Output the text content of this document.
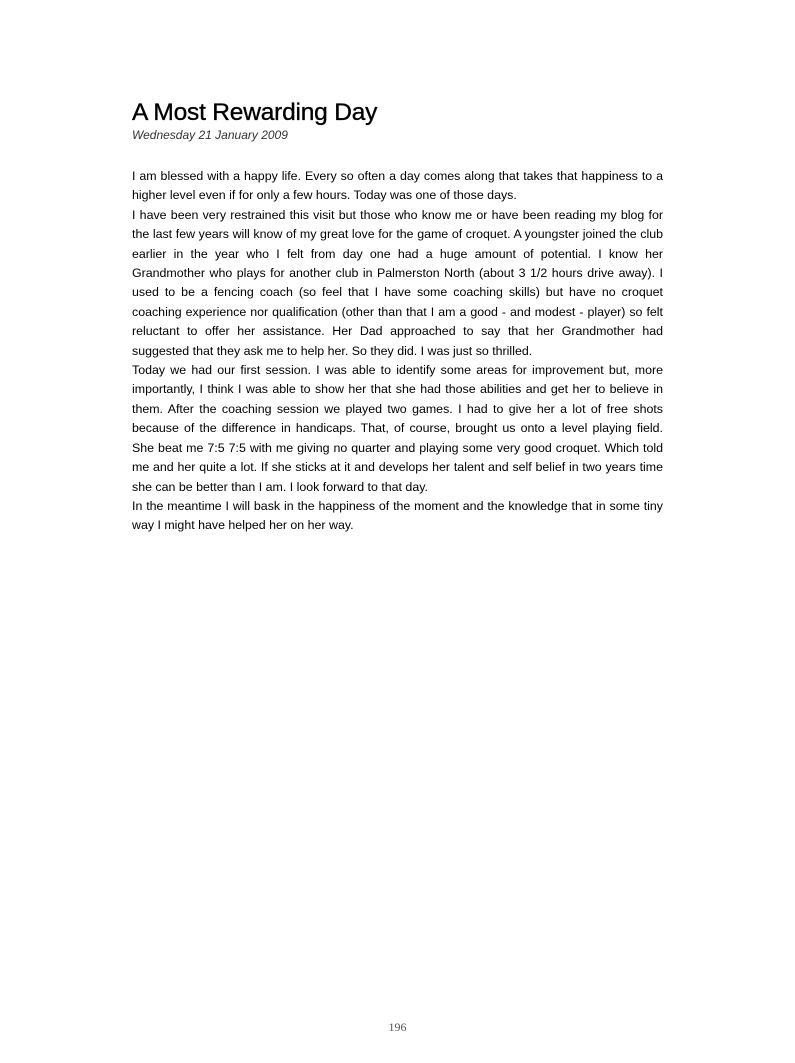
A Most Rewarding Day
Wednesday 21 January 2009

I am blessed with a happy life. Every so often a day comes along that takes that happiness to a higher level even if for only a few hours. Today was one of those days.

I have been very restrained this visit but those who know me or have been reading my blog for the last few years will know of my great love for the game of croquet. A youngster joined the club earlier in the year who I felt from day one had a huge amount of potential. I know her Grandmother who plays for another club in Palmerston North (about 3 1/2 hours drive away). I used to be a fencing coach (so feel that I have some coaching skills) but have no croquet coaching experience nor qualification (other than that I am a good - and modest - player) so felt reluctant to offer her assistance. Her Dad approached to say that her Grandmother had suggested that they ask me to help her. So they did. I was just so thrilled.

Today we had our first session. I was able to identify some areas for improvement but, more importantly, I think I was able to show her that she had those abilities and get her to believe in them. After the coaching session we played two games. I had to give her a lot of free shots because of the difference in handicaps. That, of course, brought us onto a level playing field. She beat me 7:5 7:5 with me giving no quarter and playing some very good croquet. Which told me and her quite a lot. If she sticks at it and develops her talent and self belief in two years time she can be better than I am. I look forward to that day.

In the meantime I will bask in the happiness of the moment and the knowledge that in some tiny way I might have helped her on her way.

196
